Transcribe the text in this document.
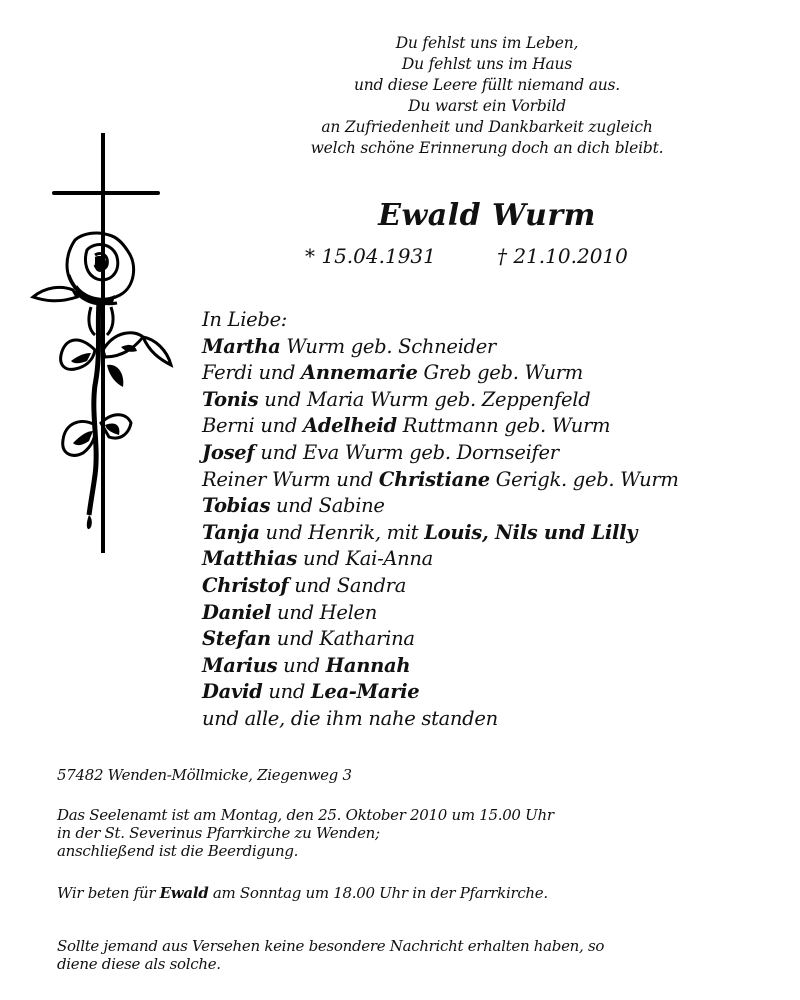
Du fehlst uns im Leben,
Du fehlst uns im Haus
und diese Leere füllt niemand aus.
Du warst ein Vorbild
an Zufriedenheit und Dankbarkeit zugleich
welch schöne Erinnerung doch an dich bleibt.
Ewald Wurm
* 15.04.1931	† 21.10.2010
In Liebe:
Martha Wurm geb. Schneider
Ferdi und Annemarie Greb geb. Wurm
Tonis und Maria Wurm geb. Zeppenfeld
Berni und Adelheid Ruttmann geb. Wurm
Josef und Eva Wurm geb. Dornseifer
Reiner Wurm und Christiane Gerigk. geb. Wurm
Tobias und Sabine
Tanja und Henrik, mit Louis, Nils und Lilly
Matthias und Kai-Anna
Christof und Sandra
Daniel und Helen
Stefan und Katharina
Marius und Hannah
David und Lea-Marie
und alle, die ihm nahe standen
57482 Wenden-Möllmicke, Ziegenweg 3
Das Seelenamt ist am Montag, den 25. Oktober 2010 um 15.00 Uhr
in der St. Severinus Pfarrkirche zu Wenden;
anschließend ist die Beerdigung.
Wir beten für Ewald am Sonntag um 18.00 Uhr in der Pfarrkirche.
Sollte jemand aus Versehen keine besondere Nachricht erhalten haben, so
diene diese als solche.
